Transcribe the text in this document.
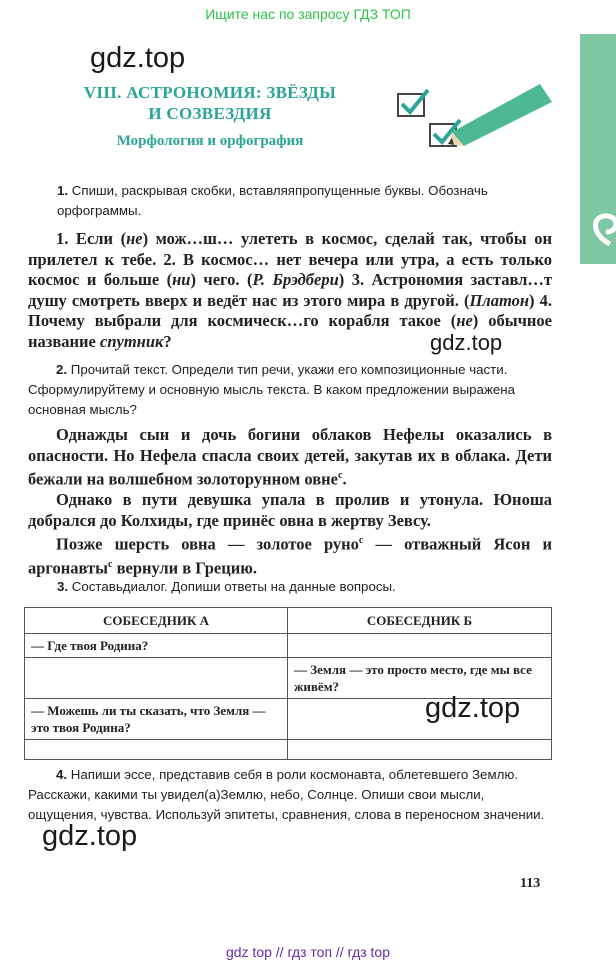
Ищите нас по запросу ГДЗ ТОП
gdz.top
VIII. АСТРОНОМИЯ: ЗВЁЗДЫ
И СОЗВЕЗДИЯ
Морфология и орфография
1. Спиши, раскрывая скобки, вставляяпропущенные буквы. Обозначь орфограммы.
1. Если (не) мож…ш… улететь в космос, сделай так, чтобы он прилетел к тебе. 2. В космос… нет вечера или утра, а есть только космос и больше (ни) чего. (Р. Брэдбери) 3. Астрономия заставл…т душу смотреть вверх и ведёт нас из этого мира в другой. (Платон) 4. Почему выбрали для космическ…го корабля такое (не) обычное название спутник?	gdz.top
2. Прочитай текст. Определи тип речи, укажи его композиционные части. Сформулируйтему и основную мысль текста. В каком предложении выражена основная мысль?
Однажды сын и дочь богини облаков Нефелы оказались в опасности. Но Нефела спасла своих детей, закутав их в облака. Дети бежали на волшебном золоторунном овне$^с$.
Однако в пути девушка упала в пролив и утонула. Юноша добрался до Колхиды, где принёс овна в жертву Зевсу.
Позже шерсть овна — золотое руно$^с$ — отважный Ясон и аргонавты$^с$ вернули в Грецию.
3. Составьдиалог. Допиши ответы на данные вопросы.
СОБЕСЕДНИК А	СОБЕСЕДНИК Б
— Где твоя Родина?	
	— Земля — это просто место, где мы все живём?
— Можешь ли ты сказать, что Земля — это твоя Родина?	

gdz.top
4. Напиши эссе, представив себя в роли космонавта, облетевшего Землю. Расскажи, какими ты увидел(а)Землю, небо, Солнце. Опиши свои мысли, ощущения, чувства. Используй эпитеты, сравнения, слова в переносном значении.
gdz.top
113
gdz top // гдз топ // гдз top
